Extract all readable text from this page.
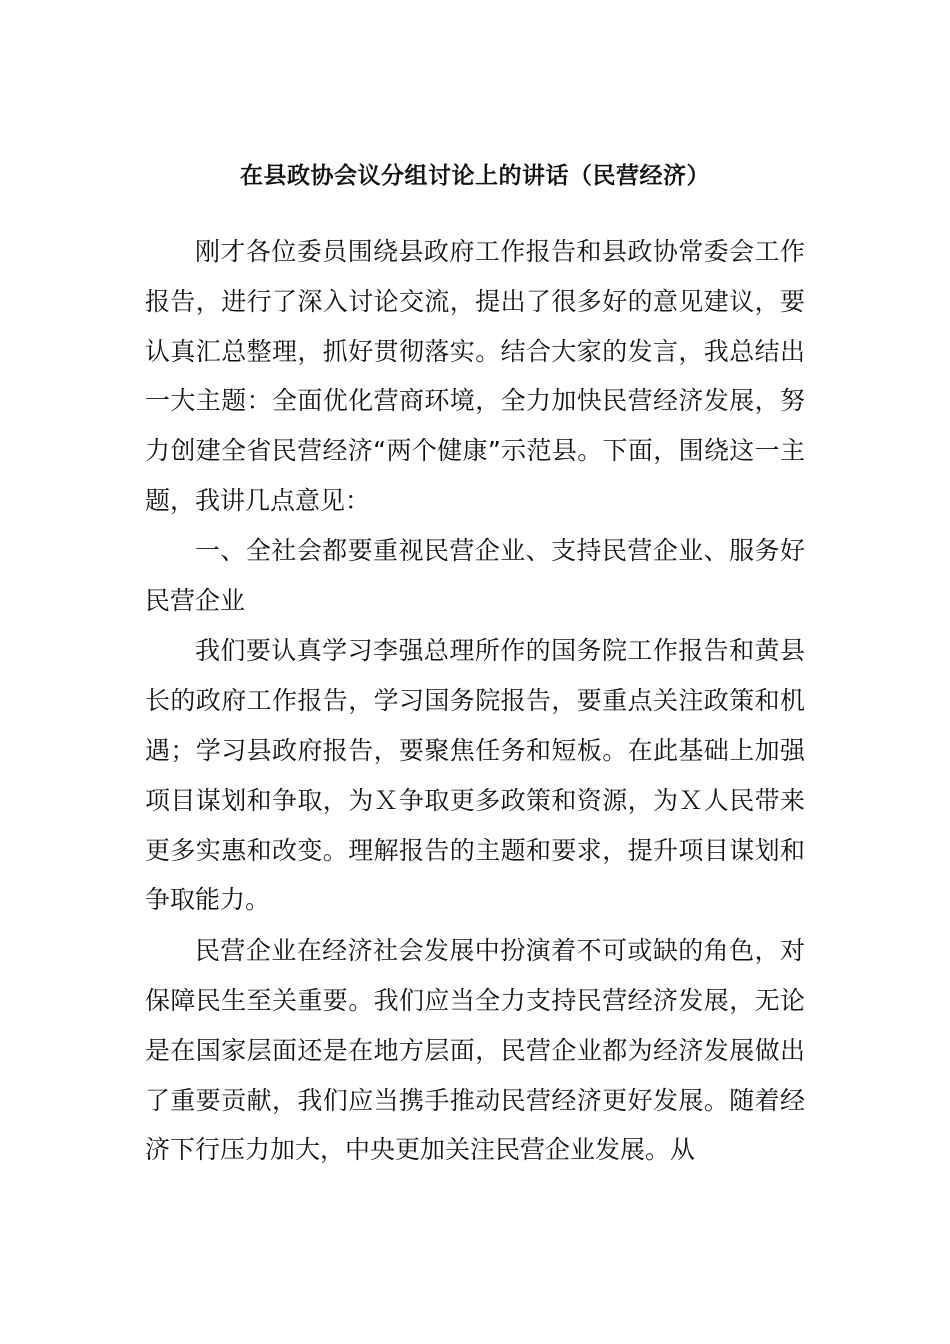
在县政协会议分组讨论上的讲话（民营经济）

刚才各位委员围绕县政府工作报告和县政协常委会工作报告，进行了深入讨论交流，提出了很多好的意见建议，要认真汇总整理，抓好贯彻落实。结合大家的发言，我总结出一大主题：全面优化营商环境，全力加快民营经济发展，努力创建全省民营经济“两个健康”示范县。下面，围绕这一主题，我讲几点意见：

一、全社会都要重视民营企业、支持民营企业、服务好民营企业

我们要认真学习李强总理所作的国务院工作报告和黄县长的政府工作报告，学习国务院报告，要重点关注政策和机遇；学习县政府报告，要聚焦任务和短板。在此基础上加强项目谋划和争取，为Ｘ争取更多政策和资源，为Ｘ人民带来更多实惠和改变。理解报告的主题和要求，提升项目谋划和争取能力。

民营企业在经济社会发展中扮演着不可或缺的角色，对保障民生至关重要。我们应当全力支持民营经济发展，无论是在国家层面还是在地方层面，民营企业都为经济发展做出了重要贡献，我们应当携手推动民营经济更好发展。随着经济下行压力加大，中央更加关注民营企业发展。从
